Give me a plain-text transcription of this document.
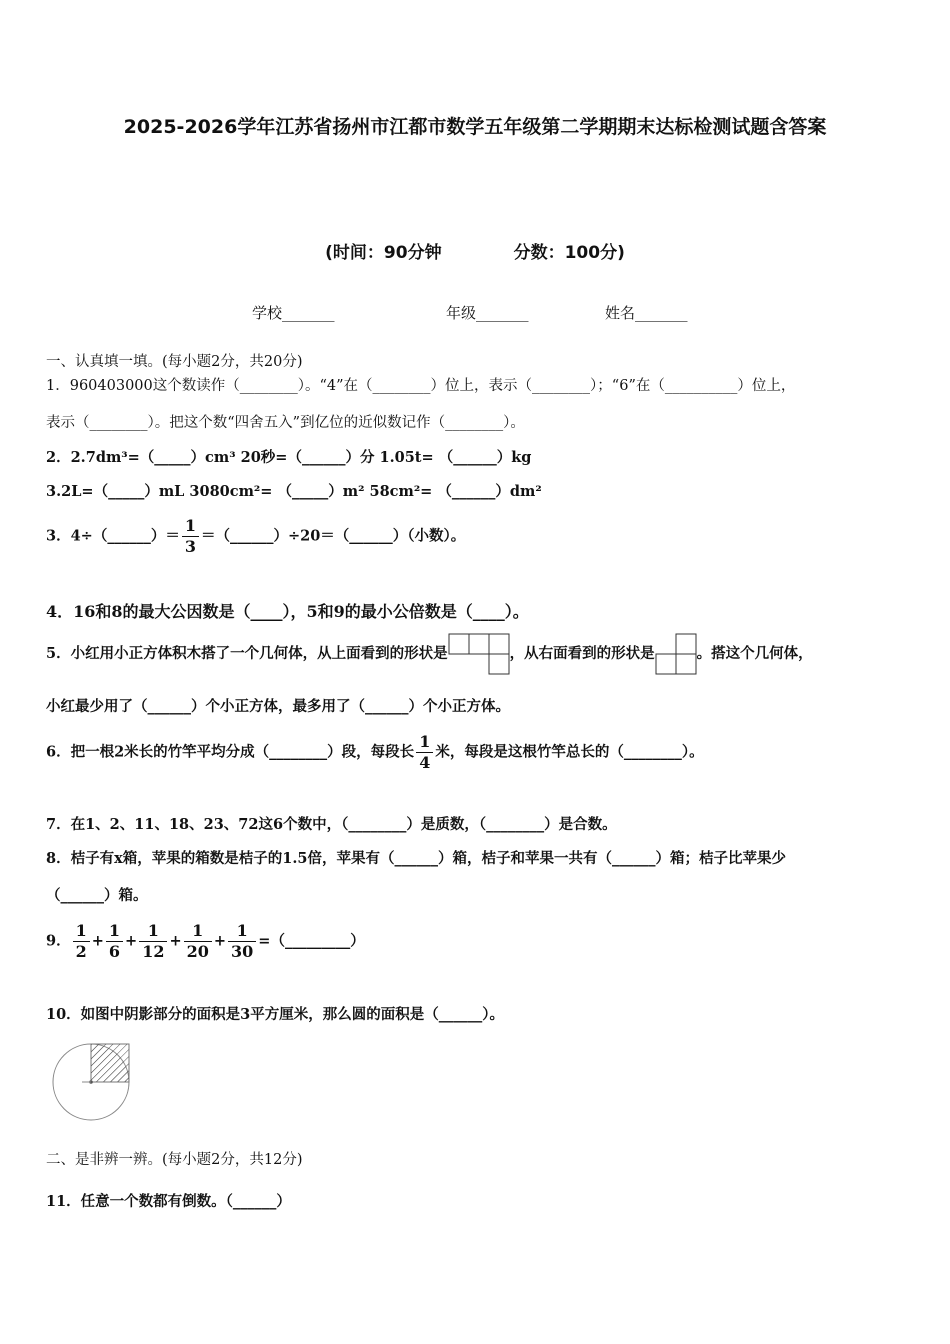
2025-2026学年江苏省扬州市江都市数学五年级第二学期期末达标检测试题含答案
(时间：90分钟	分数：100分)
学校_______	年级_______	姓名_______
一、认真填一填。(每小题2分，共20分)
1．960403000这个数读作（________）。“4”在（________）位上，表示（________）；“6”在（__________）位上，
表示（________）。把这个数“四舍五入”到亿位的近似数记作（________）。
2．2.7dm³=（_____）cm³ 20秒=（______）分 1.05t= （______）kg
3.2L=（_____）mL 3080cm²= （_____）m² 58cm²= （______）dm²
3．4÷（______）＝ $\frac{1}{3}$ ＝（______）÷20＝（______）（小数）。
4．16和8的最大公因数是（____），5和9的最小公倍数是（____）。
5．小红用小正方体积木搭了一个几何体，从上面看到的形状是	，从右面看到的形状是	。搭这个几何体，
小红最少用了（______）个小正方体，最多用了（______）个小正方体。
6．把一根2米长的竹竿平均分成（________）段，每段长 $\frac{1}{4}$ 米，每段是这根竹竿总长的（________）。
7．在1、2、11、18、23、72这6个数中，（________）是质数，（________）是合数。
8．桔子有x箱，苹果的箱数是桔子的1.5倍，苹果有（______）箱，桔子和苹果一共有（______）箱；桔子比苹果少
（______）箱。
9． $\frac{1}{2} + \frac{1}{6} + \frac{1}{12} + \frac{1}{20} + \frac{1}{30}$ =（_________）
10．如图中阴影部分的面积是3平方厘米，那么圆的面积是（______）。
二、是非辨一辨。(每小题2分，共12分)
11．任意一个数都有倒数。（______）
